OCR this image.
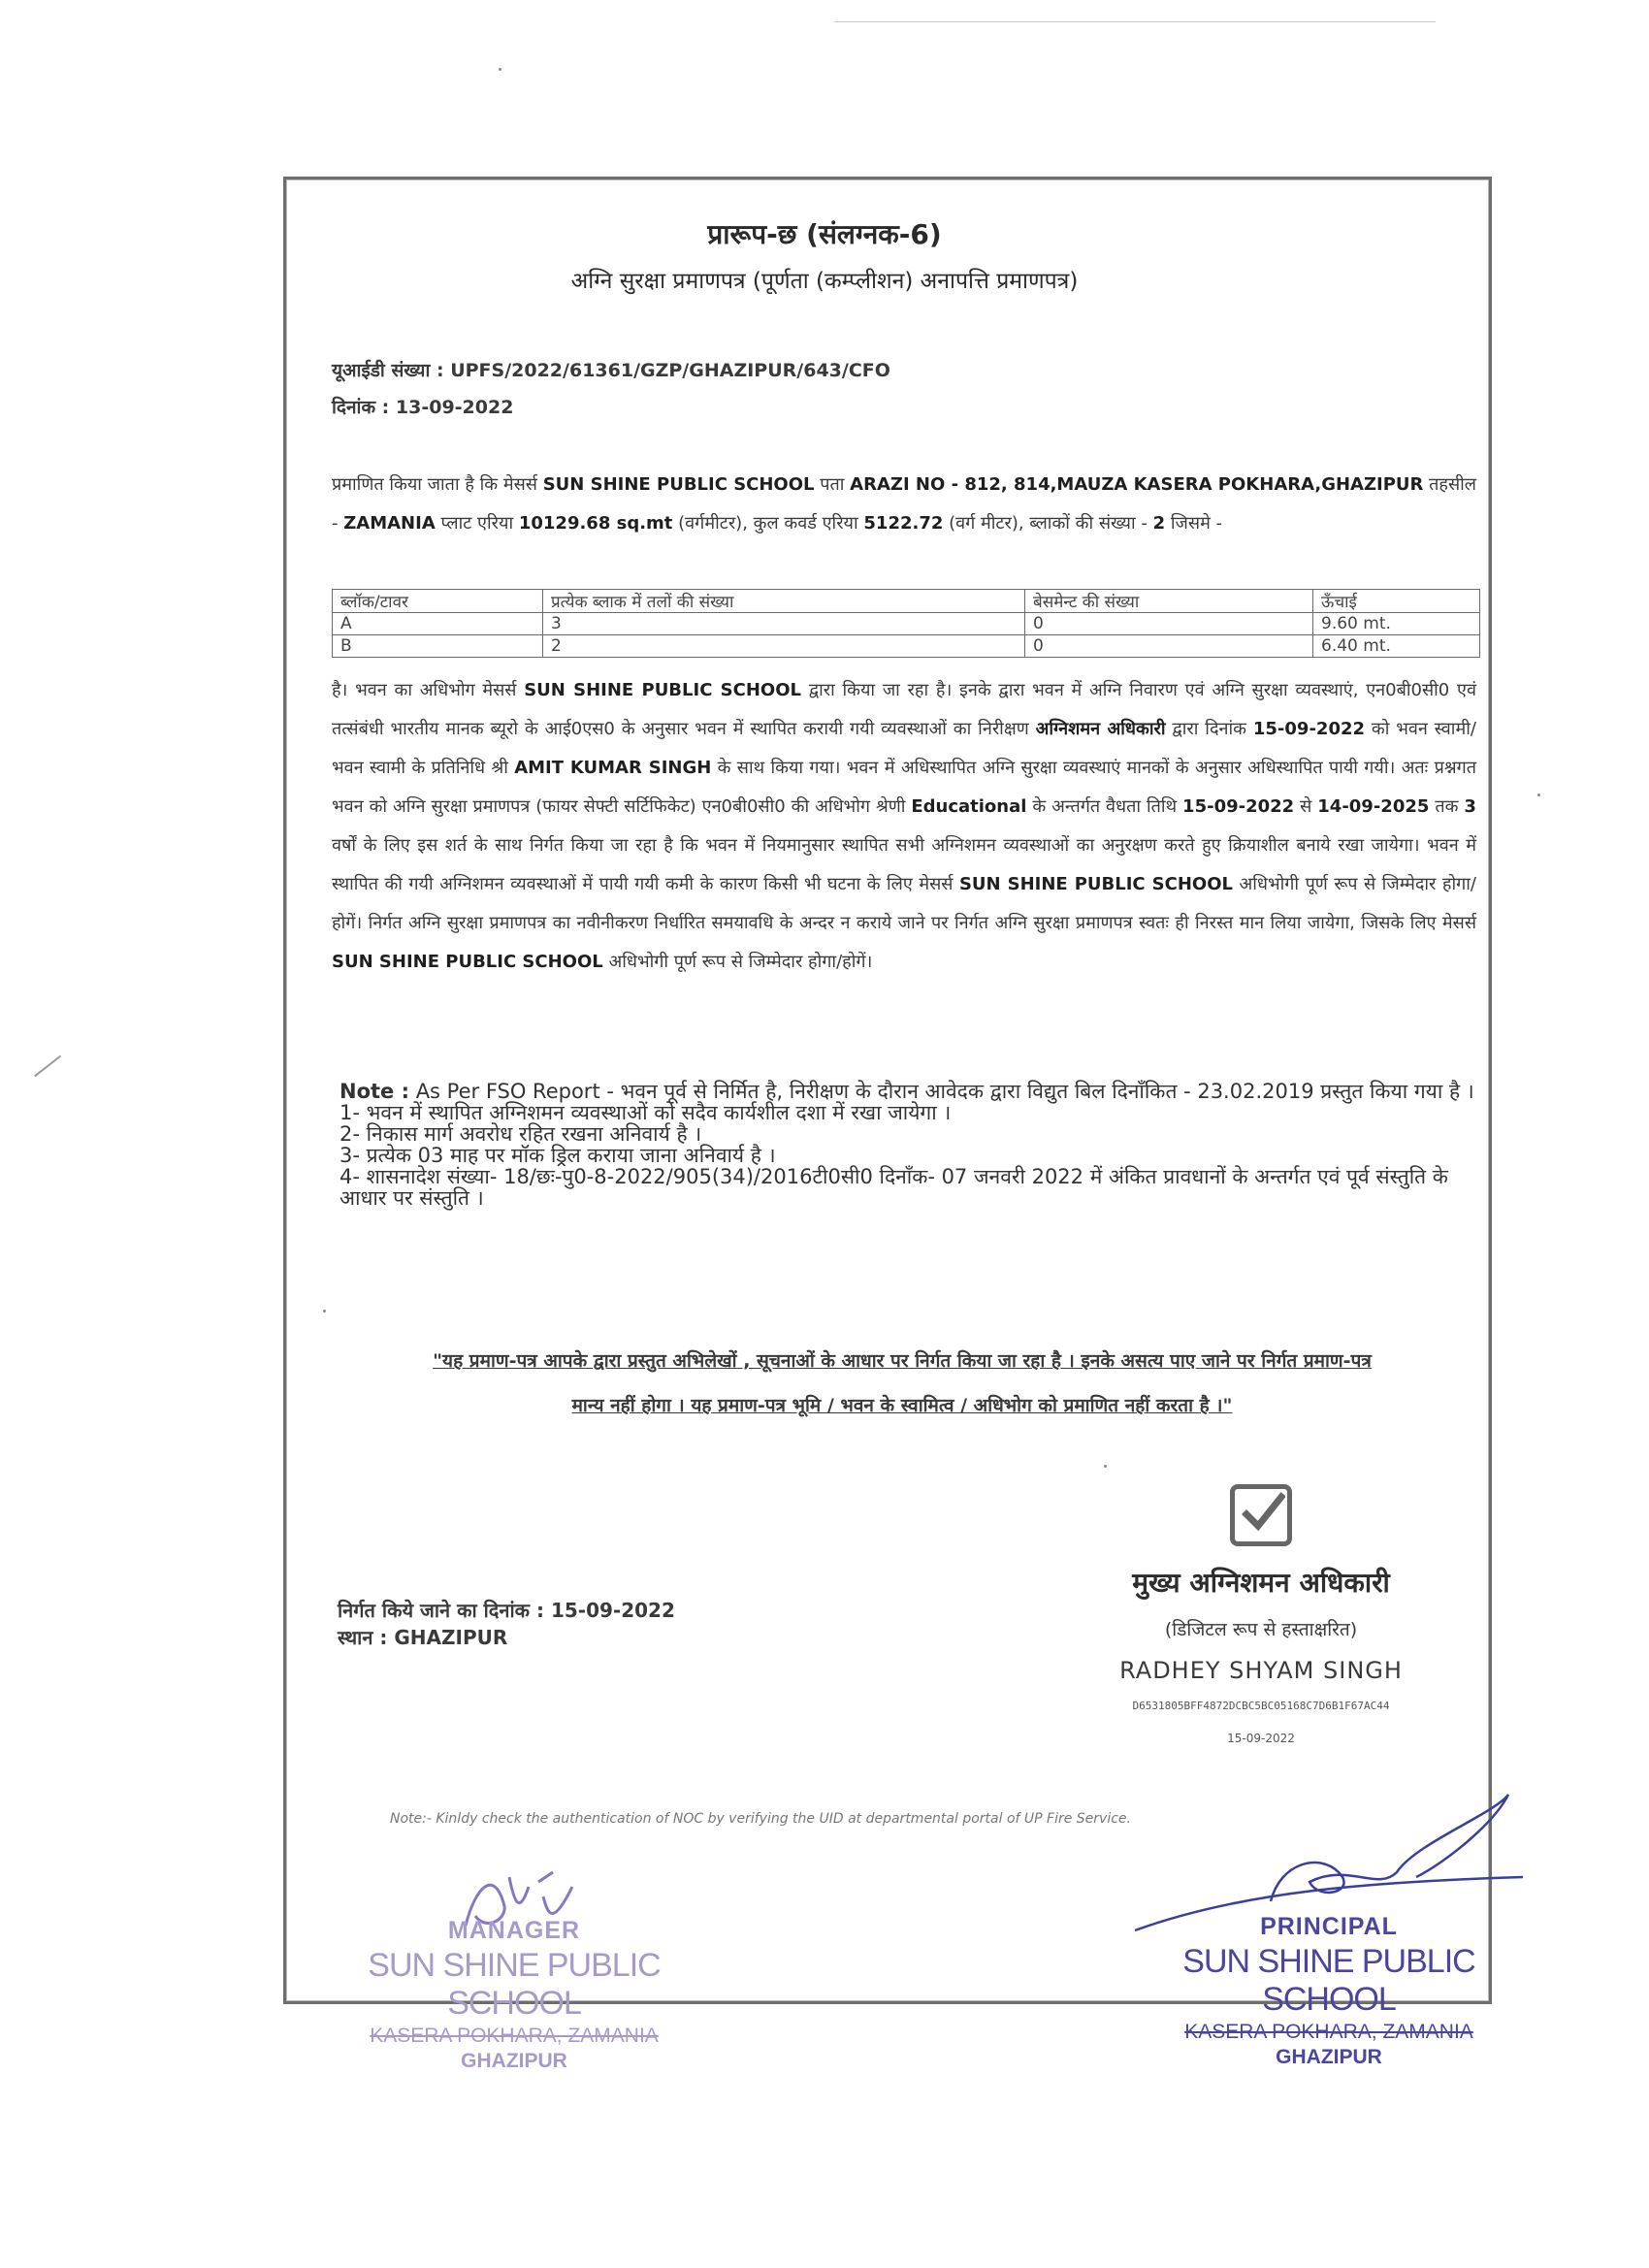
प्रारूप-छ (संलग्नक-6)
अग्नि सुरक्षा प्रमाणपत्र (पूर्णता (कम्प्लीशन) अनापत्ति प्रमाणपत्र)
यूआईडी संख्या : UPFS/2022/61361/GZP/GHAZIPUR/643/CFO
दिनांक : 13-09-2022
प्रमाणित किया जाता है कि मेसर्स SUN SHINE PUBLIC SCHOOL पता ARAZI NO - 812, 814,MAUZA KASERA POKHARA,GHAZIPUR तहसील - ZAMANIA प्लाट एरिया 10129.68 sq.mt (वर्गमीटर), कुल कवर्ड एरिया 5122.72 (वर्ग मीटर), ब्लाकों की संख्या - 2 जिसमे -
ब्लॉक/टावर	प्रत्येक ब्लाक में तलों की संख्या	बेसमेन्ट की संख्या	ऊँचाई
A	3	0	9.60 mt.
B	2	0	6.40 mt.
है। भवन का अधिभोग मेसर्स SUN SHINE PUBLIC SCHOOL द्वारा किया जा रहा है। इनके द्वारा भवन में अग्नि निवारण एवं अग्नि सुरक्षा व्यवस्थाएं, एन0बी0सी0 एवं तत्संबंधी भारतीय मानक ब्यूरो के आई0एस0 के अनुसार भवन में स्थापित करायी गयी व्यवस्थाओं का निरीक्षण अग्निशमन अधिकारी द्वारा दिनांक 15-09-2022 को भवन स्वामी/भवन स्वामी के प्रतिनिधि श्री AMIT KUMAR SINGH के साथ किया गया। भवन में अधिस्थापित अग्नि सुरक्षा व्यवस्थाएं मानकों के अनुसार अधिस्थापित पायी गयी। अतः प्रश्नगत भवन को अग्नि सुरक्षा प्रमाणपत्र (फायर सेफ्टी सर्टिफिकेट) एन0बी0सी0 की अधिभोग श्रेणी Educational के अन्तर्गत वैधता तिथि 15-09-2022 से 14-09-2025 तक 3 वर्षों के लिए इस शर्त के साथ निर्गत किया जा रहा है कि भवन में नियमानुसार स्थापित सभी अग्निशमन व्यवस्थाओं का अनुरक्षण करते हुए क्रियाशील बनाये रखा जायेगा। भवन में स्थापित की गयी अग्निशमन व्यवस्थाओं में पायी गयी कमी के कारण किसी भी घटना के लिए मेसर्स SUN SHINE PUBLIC SCHOOL अधिभोगी पूर्ण रूप से जिम्मेदार होगा/होगें। निर्गत अग्नि सुरक्षा प्रमाणपत्र का नवीनीकरण निर्धारित समयावधि के अन्दर न कराये जाने पर निर्गत अग्नि सुरक्षा प्रमाणपत्र स्वतः ही निरस्त मान लिया जायेगा, जिसके लिए मेसर्स SUN SHINE PUBLIC SCHOOL अधिभोगी पूर्ण रूप से जिम्मेदार होगा/होगें।
Note : As Per FSO Report - भवन पूर्व से निर्मित है, निरीक्षण के दौरान आवेदक द्वारा विद्युत बिल दिनाँकित - 23.02.2019 प्रस्तुत किया गया है ।
1- भवन में स्थापित अग्निशमन व्यवस्थाओं को सदैव कार्यशील दशा में रखा जायेगा ।
2- निकास मार्ग अवरोध रहित रखना अनिवार्य है ।
3- प्रत्येक 03 माह पर मॉक ड्रिल कराया जाना अनिवार्य है ।
4- शासनादेश संख्या- 18/छः-पु0-8-2022/905(34)/2016टी0सी0 दिनाँक- 07 जनवरी 2022 में अंकित प्रावधानों के अन्तर्गत एवं पूर्व संस्तुति के आधार पर संस्तुति ।
"यह प्रमाण-पत्र आपके द्वारा प्रस्तुत अभिलेखों , सूचनाओं के आधार पर निर्गत किया जा रहा है । इनके असत्य पाए जाने पर निर्गत प्रमाण-पत्र
मान्य नहीं होगा । यह प्रमाण-पत्र भूमि / भवन के स्वामित्व / अधिभोग को प्रमाणित नहीं करता है ।"
मुख्य अग्निशमन अधिकारी
(डिजिटल रूप से हस्ताक्षरित)
RADHEY SHYAM SINGH
D6531805BFF4872DCBC5BC05168C7D6B1F67AC44
15-09-2022
निर्गत किये जाने का दिनांक : 15-09-2022
स्थान : GHAZIPUR
Note:- Kinldy check the authentication of NOC by verifying the UID at departmental portal of UP Fire Service.
MANAGER
SUN SHINE PUBLIC SCHOOL
KASERA POKHARA, ZAMANIA
GHAZIPUR
PRINCIPAL
SUN SHINE PUBLIC SCHOOL
KASERA POKHARA, ZAMANIA
GHAZIPUR
